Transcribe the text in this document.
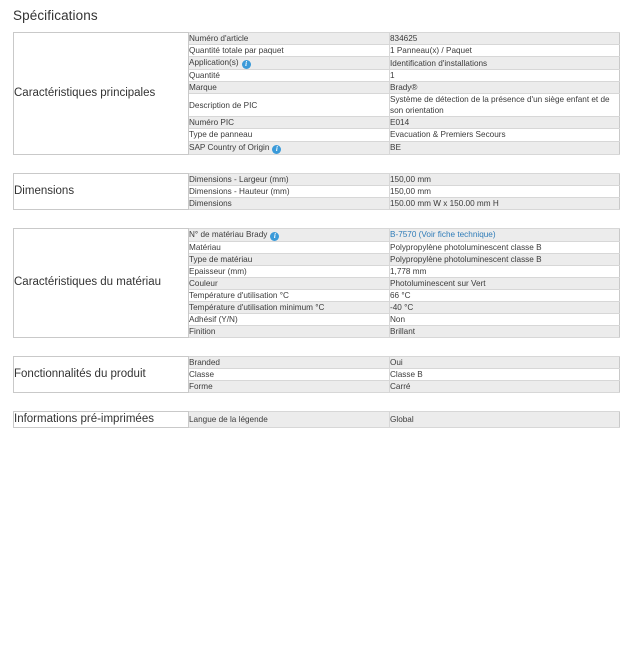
Spécifications
Caractéristiques principales	Numéro d'article	834625
	Quantité totale par paquet	1 Panneau(x) / Paquet
	Application(s) i	Identification d'installations
	Quantité	1
	Marque	Brady®
	Description de PIC	Système de détection de la présence d'un siège enfant et de son orientation
	Numéro PIC	E014
	Type de panneau	Evacuation & Premiers Secours
	SAP Country of Origin i	BE
Dimensions	Dimensions - Largeur (mm)	150,00 mm
	Dimensions - Hauteur (mm)	150,00 mm
	Dimensions	150.00 mm W x 150.00 mm H
Caractéristiques du matériau	N° de matériau Brady i	B-7570 (Voir fiche technique)
	Matériau	Polypropylène photoluminescent classe B
	Type de matériau	Polypropylène photoluminescent classe B
	Epaisseur (mm)	1,778 mm
	Couleur	Photoluminescent sur Vert
	Température d'utilisation °C	66 °C
	Température d'utilisation minimum °C	-40 °C
	Adhésif (Y/N)	Non
	Finition	Brillant
Fonctionnalités du produit	Branded	Oui
	Classe	Classe B
	Forme	Carré
Informations pré-imprimées	Langue de la légende	Global
